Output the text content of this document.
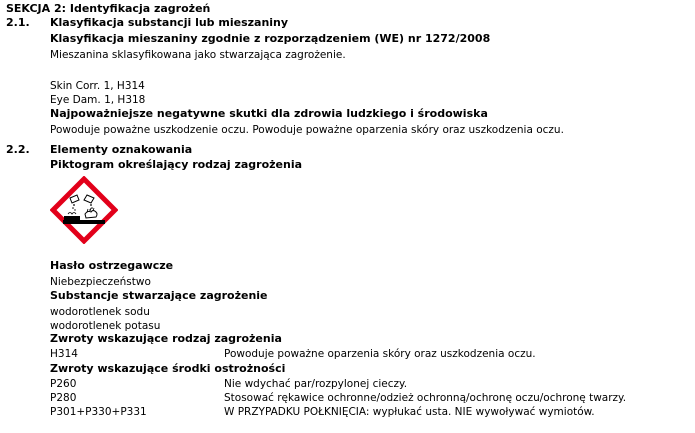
SEKCJA 2: Identyfikacja zagrożeń
2.1. Klasyfikacja substancji lub mieszaniny
Klasyfikacja mieszaniny zgodnie z rozporządzeniem (WE) nr 1272/2008
Mieszanina sklasyfikowana jako stwarzająca zagrożenie.
Skin Corr. 1, H314
Eye Dam. 1, H318
Najpoważniejsze negatywne skutki dla zdrowia ludzkiego i środowiska
Powoduje poważne uszkodzenie oczu. Powoduje poważne oparzenia skóry oraz uszkodzenia oczu.
2.2. Elementy oznakowania
Piktogram określający rodzaj zagrożenia
Hasło ostrzegawcze
Niebezpieczeństwo
Substancje stwarzające zagrożenie
wodorotlenek sodu
wodorotlenek potasu
Zwroty wskazujące rodzaj zagrożenia
H314	Powoduje poważne oparzenia skóry oraz uszkodzenia oczu.
Zwroty wskazujące środki ostrożności
P260	Nie wdychać par/rozpylonej cieczy.
P280	Stosować rękawice ochronne/odzież ochronną/ochronę oczu/ochronę twarzy.
P301+P330+P331	W PRZYPADKU POŁKNIĘCIA: wypłukać usta. NIE wywoływać wymiotów.
